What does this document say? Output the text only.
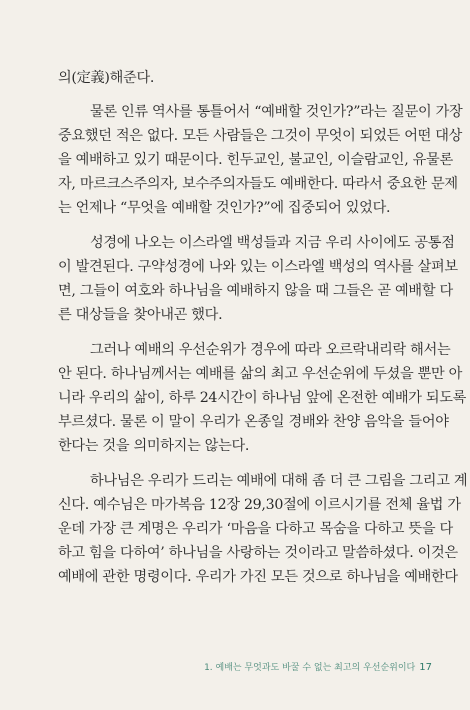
의(定義)해준다.
물론 인류 역사를 통틀어서 “예배할 것인가?”라는 질문이 가장
중요했던 적은 없다. 모든 사람들은 그것이 무엇이 되었든 어떤 대상
을 예배하고 있기 때문이다. 힌두교인, 불교인, 이슬람교인, 유물론
자, 마르크스주의자, 보수주의자들도 예배한다. 따라서 중요한 문제
는 언제나 “무엇을 예배할 것인가?”에 집중되어 있었다.
성경에 나오는 이스라엘 백성들과 지금 우리 사이에도 공통점
이 발견된다. 구약성경에 나와 있는 이스라엘 백성의 역사를 살펴보
면, 그들이 여호와 하나님을 예배하지 않을 때 그들은 곧 예배할 다
른 대상들을 찾아내곤 했다.
그러나 예배의 우선순위가 경우에 따라 오르락내리락 해서는
안 된다. 하나님께서는 예배를 삶의 최고 우선순위에 두셨을 뿐만 아
니라 우리의 삶이, 하루 24시간이 하나님 앞에 온전한 예배가 되도록
부르셨다. 물론 이 말이 우리가 온종일 경배와 찬양 음악을 들어야
한다는 것을 의미하지는 않는다.
하나님은 우리가 드리는 예배에 대해 좀 더 큰 그림을 그리고 계
신다. 예수님은 마가복음 12장 29,30절에 이르시기를 전체 율법 가
운데 가장 큰 계명은 우리가 ‘마음을 다하고 목숨을 다하고 뜻을 다
하고 힘을 다하여’ 하나님을 사랑하는 것이라고 말씀하셨다. 이것은
예배에 관한 명령이다. 우리가 가진 모든 것으로 하나님을 예배한다
1. 예배는 무엇과도 바꿀 수 없는 최고의 우선순위이다 17
